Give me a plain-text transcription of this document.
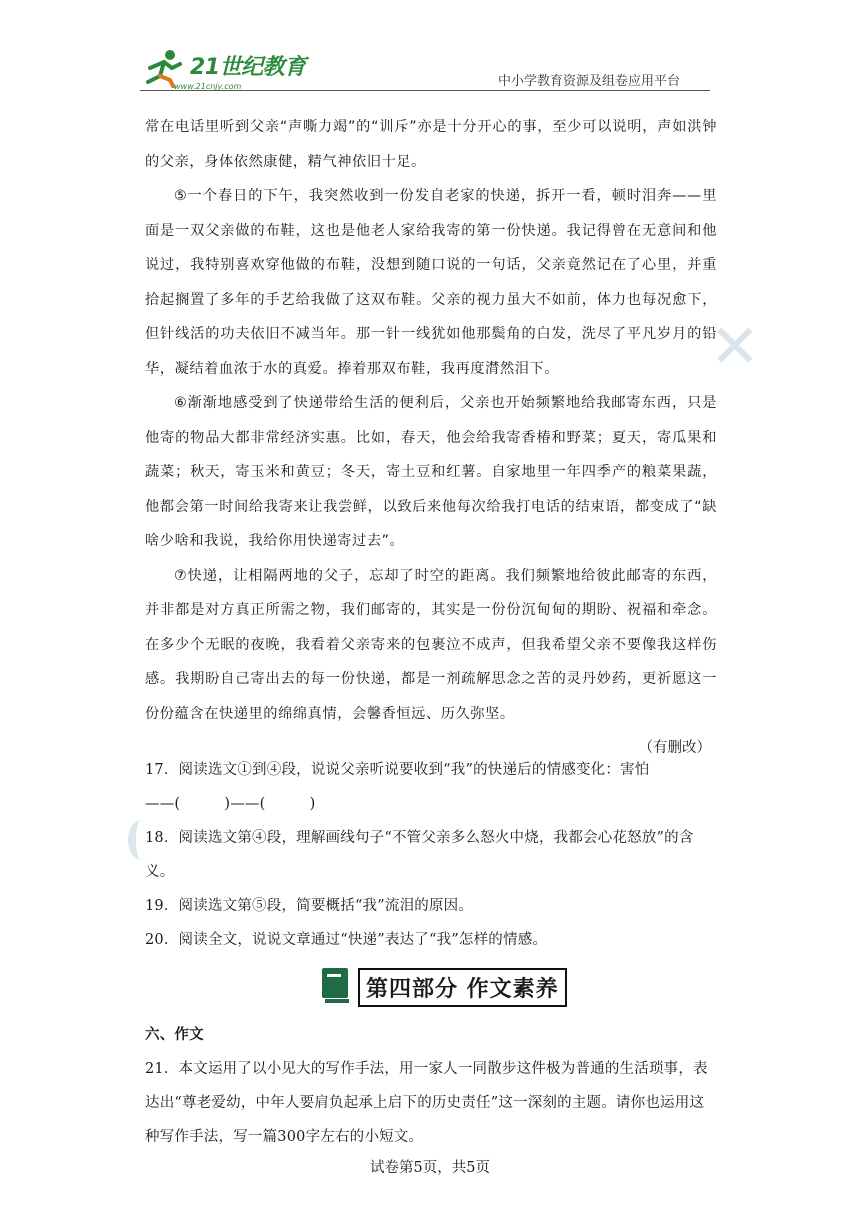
21世纪教育
www.21cnjy.com	中小学教育资源及组卷应用平台
✕

常在电话里听到父亲“声嘶力竭”的“训斥”亦是十分开心的事，至少可以说明，声如洪钟的父亲，身体依然康健，精气神依旧十足。

⑤一个春日的下午，我突然收到一份发自老家的快递，拆开一看，顿时泪奔——里面是一双父亲做的布鞋，这也是他老人家给我寄的第一份快递。我记得曾在无意间和他说过，我特别喜欢穿他做的布鞋，没想到随口说的一句话，父亲竟然记在了心里，并重拾起搁置了多年的手艺给我做了这双布鞋。父亲的视力虽大不如前，体力也每况愈下，但针线活的功夫依旧不减当年。那一针一线犹如他那鬓角的白发，洗尽了平凡岁月的铅华，凝结着血浓于水的真爱。捧着那双布鞋，我再度潸然泪下。

⑥渐渐地感受到了快递带给生活的便利后，父亲也开始频繁地给我邮寄东西，只是他寄的物品大都非常经济实惠。比如，春天，他会给我寄香椿和野菜；夏天，寄瓜果和蔬菜；秋天，寄玉米和黄豆；冬天，寄土豆和红薯。自家地里一年四季产的粮菜果蔬，他都会第一时间给我寄来让我尝鲜，以致后来他每次给我打电话的结束语，都变成了“缺啥少啥和我说，我给你用快递寄过去”。

⑦快递，让相隔两地的父子，忘却了时空的距离。我们频繁地给彼此邮寄的东西，并非都是对方真正所需之物，我们邮寄的，其实是一份份沉甸甸的期盼、祝福和牵念。在多少个无眠的夜晚，我看着父亲寄来的包裹泣不成声，但我希望父亲不要像我这样伤感。我期盼自己寄出去的每一份快递，都是一剂疏解思念之苦的灵丹妙药，更祈愿这一份份蕴含在快递里的绵绵真情，会馨香恒远、历久弥坚。

（有删改）

17．阅读选文①到④段，说说父亲听说要收到“我”的快递后的情感变化：害怕

——(　　　)——(　　　)

18．阅读选文第④段，理解画线句子“不管父亲多么怒火中烧，我都会心花怒放”的含义。

19．阅读选文第⑤段，简要概括“我”流泪的原因。

20．阅读全文，说说文章通过“快递”表达了“我”怎样的情感。

第四部分 作文素养

六、作文

21．本文运用了以小见大的写作手法，用一家人一同散步这件极为普通的生活琐事，表达出“尊老爱幼，中年人要肩负起承上启下的历史责任”这一深刻的主题。请你也运用这种写作手法，写一篇300字左右的小短文。

试卷第5页，共5页
